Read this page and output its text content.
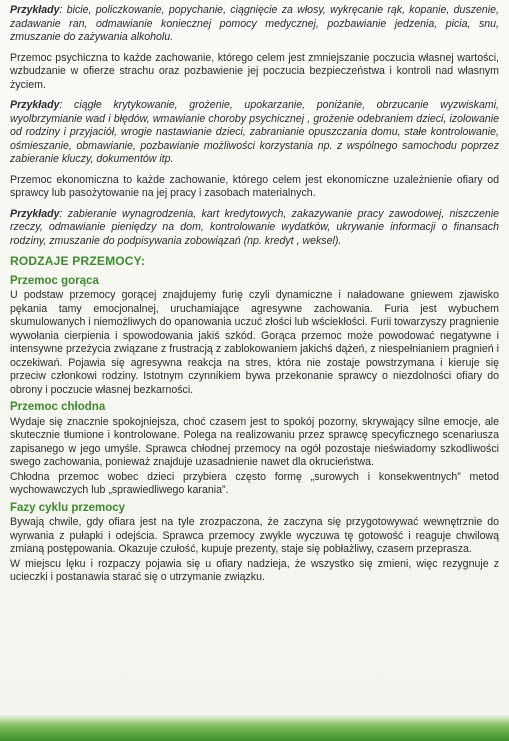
Przykłady: bicie, policzkowanie, popychanie, ciągnięcie za włosy, wykręcanie rąk, kopanie, duszenie, zadawanie ran, odmawianie koniecznej pomocy medycznej, pozbawianie jedzenia, picia, snu, zmuszanie do zażywania alkoholu.

Przemoc psychiczna to każde zachowanie, którego celem jest zmniejszanie poczucia własnej wartości, wzbudzanie w ofierze strachu oraz pozbawienie jej poczucia bezpieczeństwa i kontroli nad własnym życiem.

Przykłady: ciągłe krytykowanie, grożenie, upokarzanie, poniżanie, obrzucanie wyzwiskami, wyolbrzymianie wad i błędów, wmawianie choroby psychicznej , grożenie odebraniem dzieci, izolowanie od rodziny i przyjaciół, wrogie nastawianie dzieci, zabranianie opuszczania domu, stałe kontrolowanie, ośmieszanie, obmawianie, pozbawianie możliwości korzystania np. z wspólnego samochodu poprzez zabieranie kluczy, dokumentów itp.

Przemoc ekonomiczna to każde zachowanie, którego celem jest ekonomiczne uzależnienie ofiary od sprawcy lub pasożytowanie na jej pracy i zasobach materialnych.

Przykłady: zabieranie wynagrodzenia, kart kredytowych, zakazywanie pracy zawodowej, niszczenie rzeczy, odmawianie pieniędzy na dom, kontrolowanie wydatków, ukrywanie informacji o finansach rodziny, zmuszanie do podpisywania zobowiązań (np. kredyt , weksel).

RODZAJE PRZEMOCY:
Przemoc gorąca

U podstaw przemocy gorącej znajdujemy furię czyli dynamiczne i naładowane gniewem zjawisko pękania tamy emocjonalnej, uruchamiające agresywne zachowania. Furia jest wybuchem skumulowanych i niemożliwych do opanowania uczuć złości lub wściekłości. Furii towarzyszy pragnienie wywołania cierpienia i spowodowania jakiś szkód. Gorąca przemoc może powodować negatywne i intensywne przeżycia związane z frustracją z zablokowaniem jakichś dążeń, z niespełnianiem pragnień i oczekiwań. Pojawia się agresywna reakcja na stres, która nie zostaje powstrzymana i kieruje się przeciw członkowi rodziny. Istotnym czynnikiem bywa przekonanie sprawcy o niezdolności ofiary do obrony i poczucie własnej bezkarności.

Przemoc chłodna

Wydaje się znacznie spokojniejsza, choć czasem jest to spokój pozorny, skrywający silne emocje, ale skutecznie tłumione i kontrolowane. Polega na realizowaniu przez sprawcę specyficznego scenariusza zapisanego w jego umyśle. Sprawca chłodnej przemocy na ogół pozostaje nieświadomy szkodliwości swego zachowania, ponieważ znajduje uzasadnienie nawet dla okrucieństwa.

Chłodna przemoc wobec dzieci przybiera często formę „surowych i konsekwentnych” metod wychowawczych lub „sprawiedliwego karania”.

Fazy cyklu przemocy

Bywają chwile, gdy ofiara jest na tyle zrozpaczona, że zaczyna się przygotowywać wewnętrznie do wyrwania z pułapki i odejścia. Sprawca przemocy zwykle wyczuwa tę gotowość i reaguje chwilową zmianą postępowania. Okazuje czułość, kupuje prezenty, staje się pobłażliwy, czasem przeprasza.

W miejscu lęku i rozpaczy pojawia się u ofiary nadzieja, że wszystko się zmieni, więc rezygnuje z ucieczki i postanawia starać się o utrzymanie związku.
